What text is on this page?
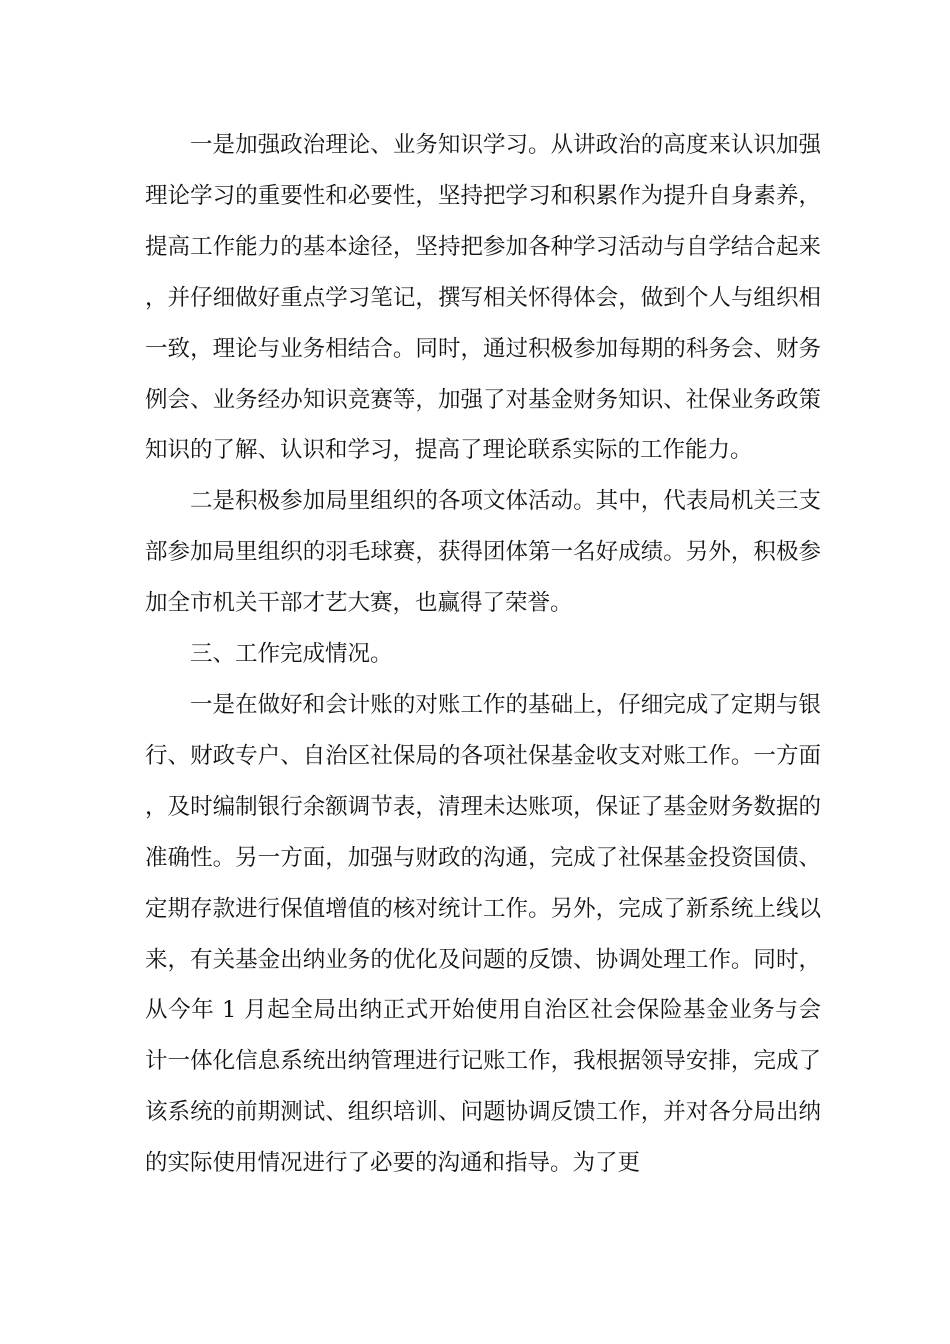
一是加强政治理论、业务知识学习。从讲政治的高度来认识加强理论学习的重要性和必要性，坚持把学习和积累作为提升自身素养，提高工作能力的基本途径，坚持把参加各种学习活动与自学结合起来，并仔细做好重点学习笔记，撰写相关怀得体会，做到个人与组织相一致，理论与业务相结合。同时，通过积极参加每期的科务会、财务例会、业务经办知识竞赛等，加强了对基金财务知识、社保业务政策知识的了解、认识和学习，提高了理论联系实际的工作能力。

二是积极参加局里组织的各项文体活动。其中，代表局机关三支部参加局里组织的羽毛球赛，获得团体第一名好成绩。另外，积极参加全市机关干部才艺大赛，也赢得了荣誉。

三、工作完成情况。

一是在做好和会计账的对账工作的基础上，仔细完成了定期与银行、财政专户、自治区社保局的各项社保基金收支对账工作。一方面，及时编制银行余额调节表，清理未达账项，保证了基金财务数据的准确性。另一方面，加强与财政的沟通，完成了社保基金投资国债、定期存款进行保值增值的核对统计工作。另外，完成了新系统上线以来，有关基金出纳业务的优化及问题的反馈、协调处理工作。同时，从今年 1 月起全局出纳正式开始使用自治区社会保险基金业务与会计一体化信息系统出纳管理进行记账工作，我根据领导安排，完成了该系统的前期测试、组织培训、问题协调反馈工作，并对各分局出纳的实际使用情况进行了必要的沟通和指导。为了更
